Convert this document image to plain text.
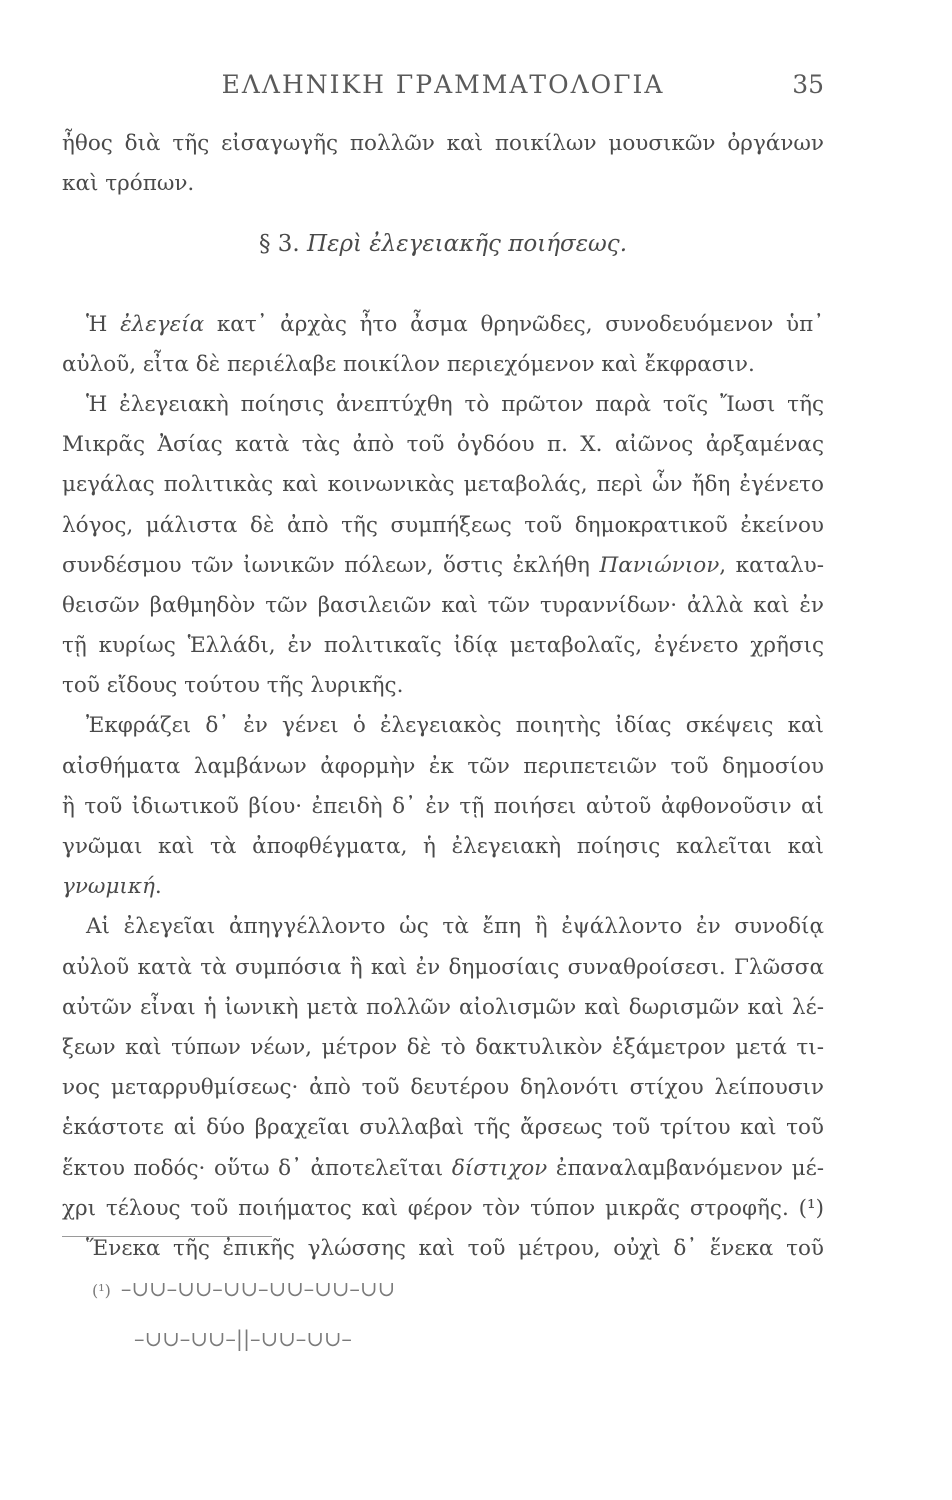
ΕΛΛΗΝΙΚΗ ΓΡΑΜΜΑΤΟΛΟΓΙΑ	35
ἦθος διὰ τῆς εἰσαγωγῆς πολλῶν καὶ ποικίλων μουσικῶν ὀργάνων
καὶ τρόπων.
§ 3. Περὶ ἐλεγειακῆς ποιήσεως.
Ἡ ἐλεγεία κατ᾽ ἀρχὰς ἦτο ἆσμα θρηνῶδες, συνοδευόμενον ὑπ᾽
αὐλοῦ, εἶτα δὲ περιέλαβε ποικίλον περιεχόμενον καὶ ἔκφρασιν.
Ἡ ἐλεγειακὴ ποίησις ἀνεπτύχθη τὸ πρῶτον παρὰ τοῖς Ἴωσι τῆς
Μικρᾶς Ἀσίας κατὰ τὰς ἀπὸ τοῦ ὀγδόου π. Χ. αἰῶνος ἀρξαμένας
μεγάλας πολιτικὰς καὶ κοινωνικὰς μεταβολάς, περὶ ὧν ἤδη ἐγένετο
λόγος, μάλιστα δὲ ἀπὸ τῆς συμπήξεως τοῦ δημοκρατικοῦ ἐκείνου
συνδέσμου τῶν ἰωνικῶν πόλεων, ὅστις ἐκλήθη Πανιώνιον, καταλυ-
θεισῶν βαθμηδὸν τῶν βασιλειῶν καὶ τῶν τυραννίδων· ἀλλὰ καὶ ἐν
τῇ κυρίως Ἑλλάδι, ἐν πολιτικαῖς ἰδίᾳ μεταβολαῖς, ἐγένετο χρῆσις
τοῦ εἴδους τούτου τῆς λυρικῆς.
Ἐκφράζει δ᾽ ἐν γένει ὁ ἐλεγειακὸς ποιητὴς ἰδίας σκέψεις καὶ
αἰσθήματα λαμβάνων ἀφορμὴν ἐκ τῶν περιπετειῶν τοῦ δημοσίου
ἢ τοῦ ἰδιωτικοῦ βίου· ἐπειδὴ δ᾽ ἐν τῇ ποιήσει αὐτοῦ ἀφθονοῦσιν αἱ
γνῶμαι καὶ τὰ ἀποφθέγματα, ἡ ἐλεγειακὴ ποίησις καλεῖται καὶ
γνωμική.
Αἱ ἐλεγεῖαι ἀπηγγέλλοντο ὡς τὰ ἔπη ἢ ἐψάλλοντο ἐν συνοδίᾳ
αὐλοῦ κατὰ τὰ συμπόσια ἢ καὶ ἐν δημοσίαις συναθροίσεσι. Γλῶσσα
αὐτῶν εἶναι ἡ ἰωνικὴ μετὰ πολλῶν αἰολισμῶν καὶ δωρισμῶν καὶ λέ-
ξεων καὶ τύπων νέων, μέτρον δὲ τὸ δακτυλικὸν ἑξάμετρον μετά τι-
νος μεταρρυθμίσεως· ἀπὸ τοῦ δευτέρου δηλονότι στίχου λείπουσιν
ἑκάστοτε αἱ δύο βραχεῖαι συλλαβαὶ τῆς ἄρσεως τοῦ τρίτου καὶ τοῦ
ἕκτου ποδός· οὕτω δ᾽ ἀποτελεῖται δίστιχον ἐπαναλαμβανόμενον μέ-
χρι τέλους τοῦ ποιήματος καὶ φέρον τὸν τύπον μικρᾶς στροφῆς. (¹)
Ἕνεκα τῆς ἐπικῆς γλώσσης καὶ τοῦ μέτρου, οὐχὶ δ᾽ ἕνεκα τοῦ
(¹) –∪∪–∪∪–∪∪–∪∪–∪∪–∪∪
–∪∪–∪∪–||–∪∪–∪∪–
